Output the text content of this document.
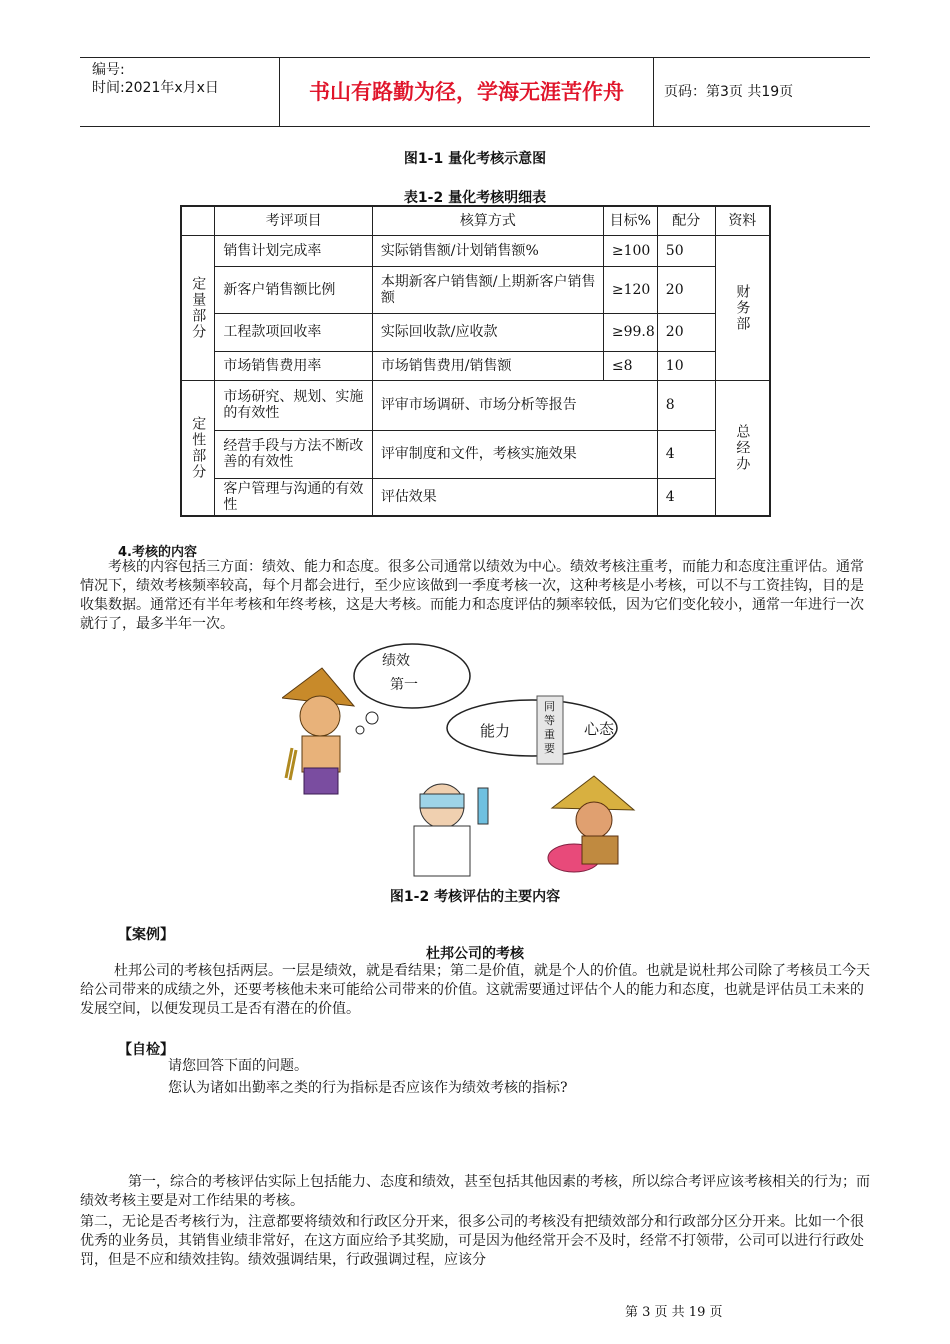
编号:
时间:2021年x月x日	书山有路勤为径，学海无涯苦作舟	页码：第3页 共19页
图1-1 量化考核示意图
表1-2 量化考核明细表
	考评项目	核算方式	目标%	配分	资料

定量部分	销售计划完成率	实际销售额/计划销售额%	≥100	50	财务部

	新客户销售额比例	本期新客户销售额/上期新客户销售额	≥120	20	
	工程款项回收率	实际回收款/应收款	≥99.8	20	
	市场销售费用率	市场销售费用/销售额	≤8	10	

定性部分	市场研究、规划、实施的有效性	评审市场调研、市场分析等报告		8	总经办

	经营手段与方法不断改善的有效性	评审制度和文件，考核实施效果		4	
	客户管理与沟通的有效性	评估效果		4	
4.考核的内容
考核的内容包括三方面：绩效、能力和态度。很多公司通常以绩效为中心。绩效考核注重考，而能力和态度注重评估。通常情况下，绩效考核频率较高，每个月都会进行，至少应该做到一季度考核一次，这种考核是小考核，可以不与工资挂钩，目的是收集数据。通常还有半年考核和年终考核，这是大考核。而能力和态度评估的频率较低，因为它们变化较小，通常一年进行一次就行了，最多半年一次。
绩效
第一
能力	心态
同等重要
图1-2 考核评估的主要内容
【案例】
杜邦公司的考核
杜邦公司的考核包括两层。一层是绩效，就是看结果；第二是价值，就是个人的价值。也就是说杜邦公司除了考核员工今天给公司带来的成绩之外，还要考核他未来可能给公司带来的价值。这就需要通过评估个人的能力和态度，也就是评估员工未来的发展空间，以便发现员工是否有潜在的价值。
【自检】
请您回答下面的问题。
您认为诸如出勤率之类的行为指标是否应该作为绩效考核的指标?
第一，综合的考核评估实际上包括能力、态度和绩效，甚至包括其他因素的考核，所以综合考评应该考核相关的行为；而绩效考核主要是对工作结果的考核。
第二，无论是否考核行为，注意都要将绩效和行政区分开来，很多公司的考核没有把绩效部分和行政部分区分开来。比如一个很优秀的业务员，其销售业绩非常好，在这方面应给予其奖励，可是因为他经常开会不及时，经常不打领带，公司可以进行行政处罚，但是不应和绩效挂钩。绩效强调结果，行政强调过程，应该分
第 3 页 共 19 页
